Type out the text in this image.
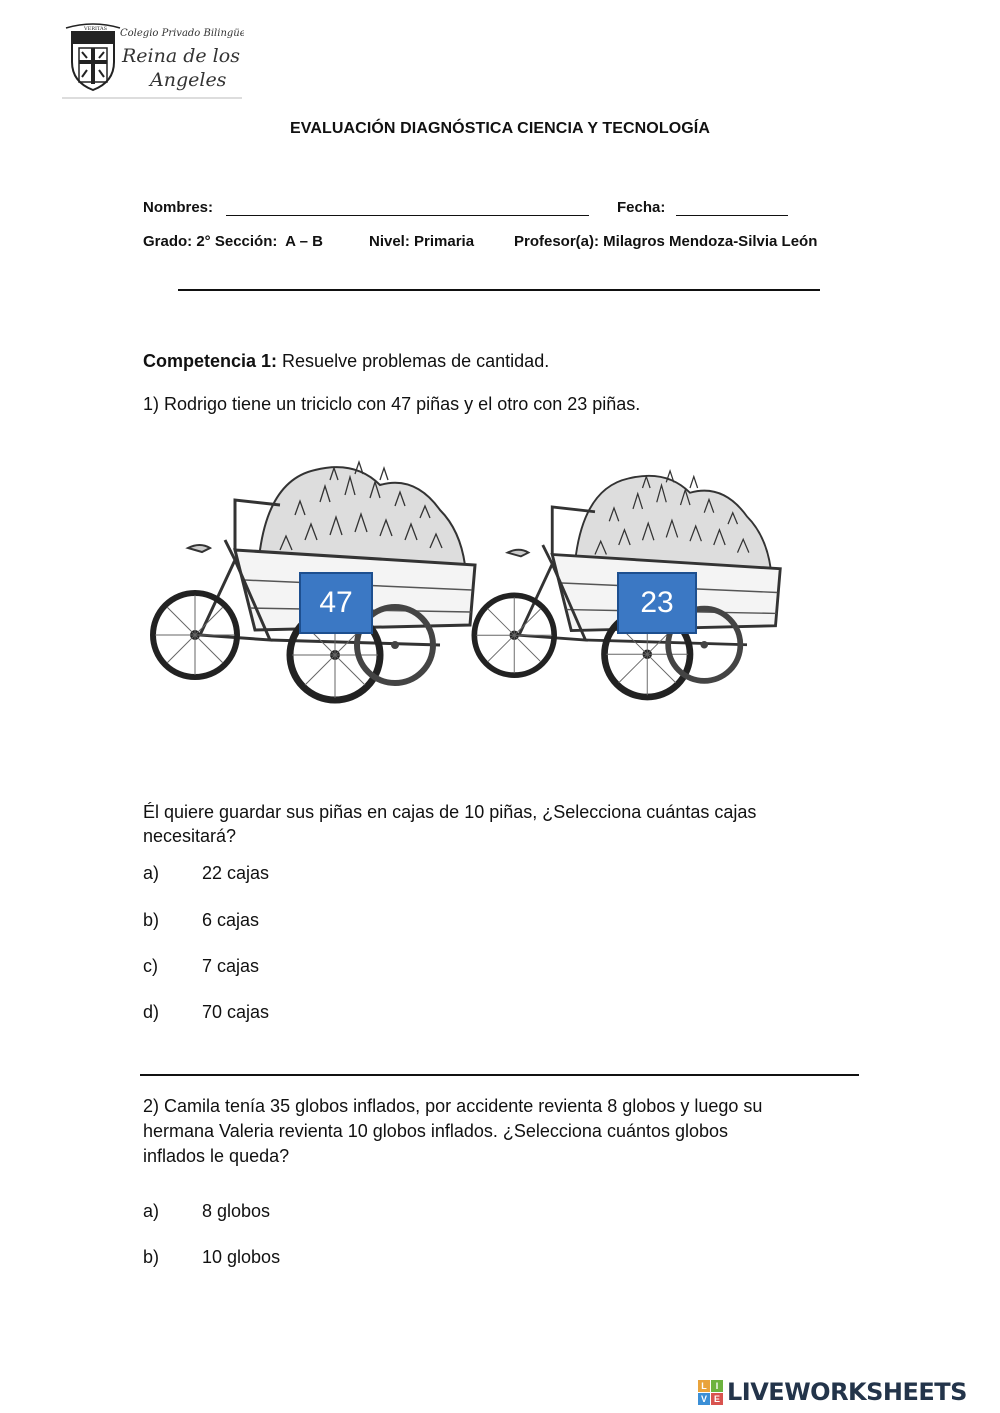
VERITAS Colegio Privado Bilingüe
Reina de los
Angeles
EVALUACIÓN DIAGNÓSTICA CIENCIA Y TECNOLOGÍA
Nombres:	Fecha:
Grado: 2° Sección:  A – B	Nivel: Primaria	Profesor(a): Milagros Mendoza-Silvia León
Competencia 1: Resuelve problemas de cantidad.
1) Rodrigo tiene un triciclo con 47 piñas y el otro con 23 piñas.
47	23
Él quiere guardar sus piñas en cajas de 10 piñas, ¿Selecciona cuántas cajas
necesitará?
a) 22 cajas
b) 6 cajas
c) 7 cajas
d) 70 cajas
2) Camila tenía 35 globos inflados, por accidente revienta 8 globos y luego su
hermana Valeria revienta 10 globos inflados. ¿Selecciona cuántos globos
inflados le queda?
a) 8 globos
b) 10 globos
L I
V E LIVEWORKSHEETS
